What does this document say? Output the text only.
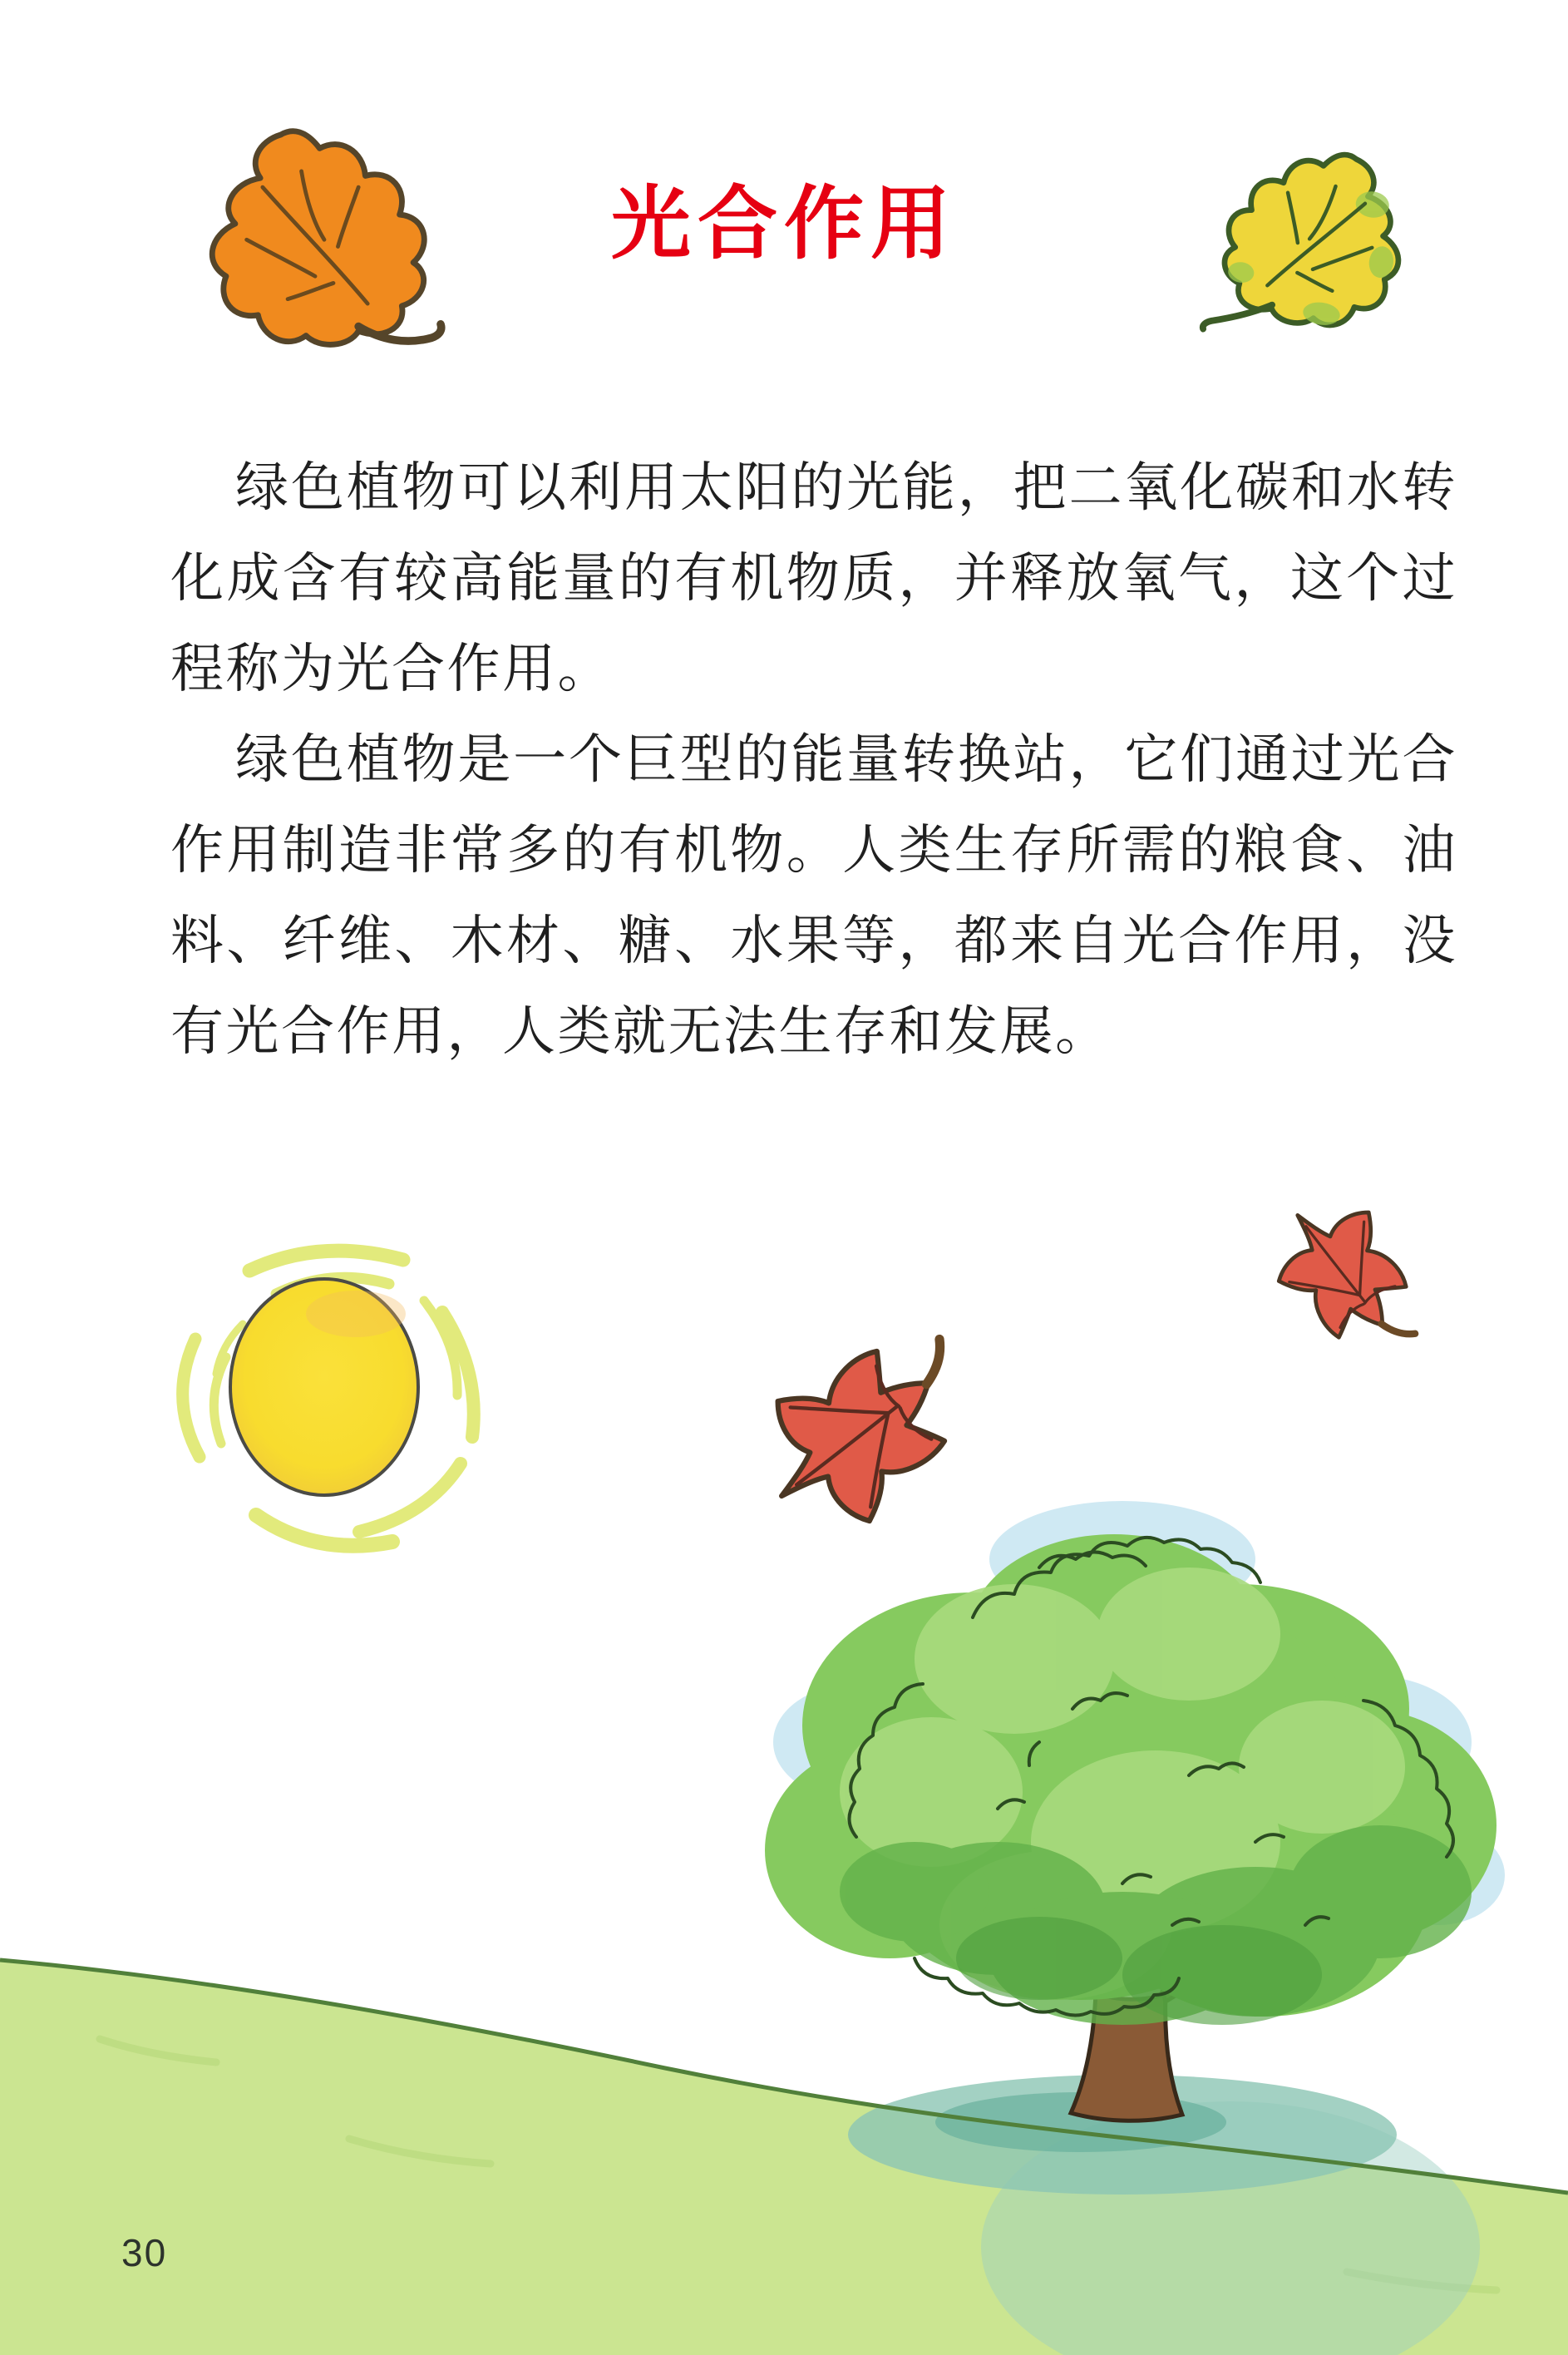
光合作用

绿色植物可以利用太阳的光能，把二氧化碳和水转化成含有较高能量的有机物质，并释放氧气，这个过程称为光合作用。

绿色植物是一个巨型的能量转换站，它们通过光合作用制造非常多的有机物。人类生存所需的粮食、油料、纤维、木材、糖、水果等，都来自光合作用，没有光合作用，人类就无法生存和发展。

30
